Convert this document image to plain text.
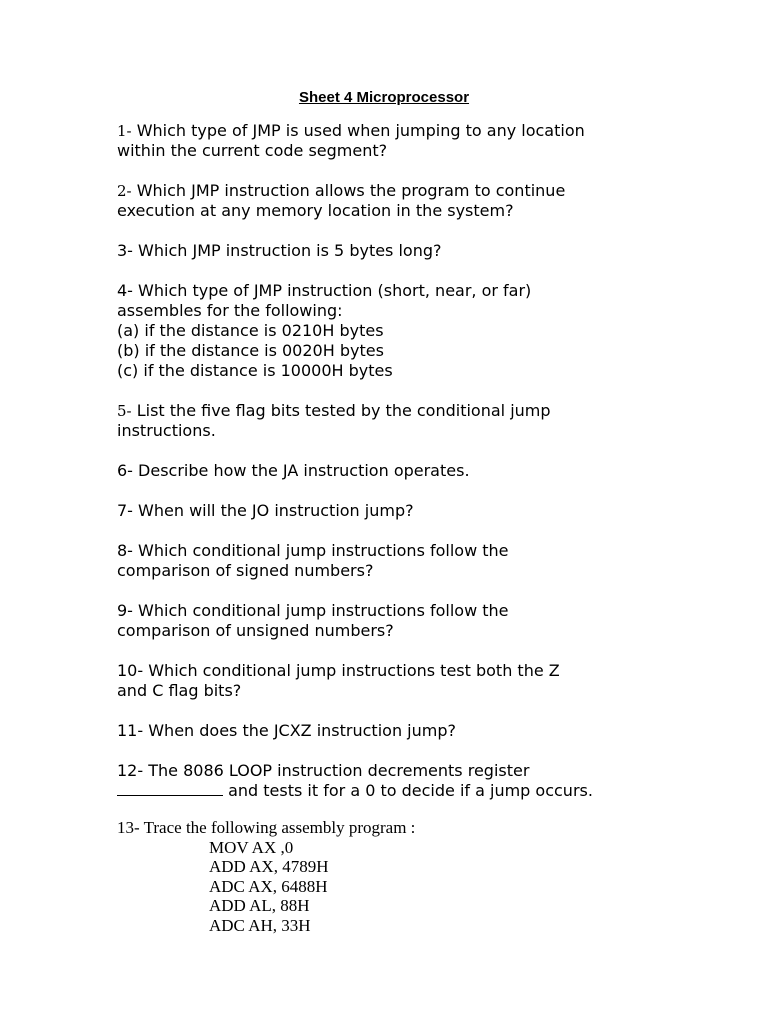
Sheet 4 Microprocessor

1- Which type of JMP is used when jumping to any location
within the current code segment?

2- Which JMP instruction allows the program to continue
execution at any memory location in the system?

3- Which JMP instruction is 5 bytes long?

4- Which type of JMP instruction (short, near, or far)
assembles for the following:
(a) if the distance is 0210H bytes
(b) if the distance is 0020H bytes
(c) if the distance is 10000H bytes

5- List the five flag bits tested by the conditional jump
instructions.

6- Describe how the JA instruction operates.

7- When will the JO instruction jump?

8- Which conditional jump instructions follow the
comparison of signed numbers?

9- Which conditional jump instructions follow the
comparison of unsigned numbers?

10- Which conditional jump instructions test both the Z
and C flag bits?

11- When does the JCXZ instruction jump?

12- The 8086 LOOP instruction decrements register
and tests it for a 0 to decide if a jump occurs.

13- Trace the following assembly program :
MOV AX ,0
ADD AX, 4789H
ADC AX, 6488H
ADD AL, 88H
ADC AH, 33H
